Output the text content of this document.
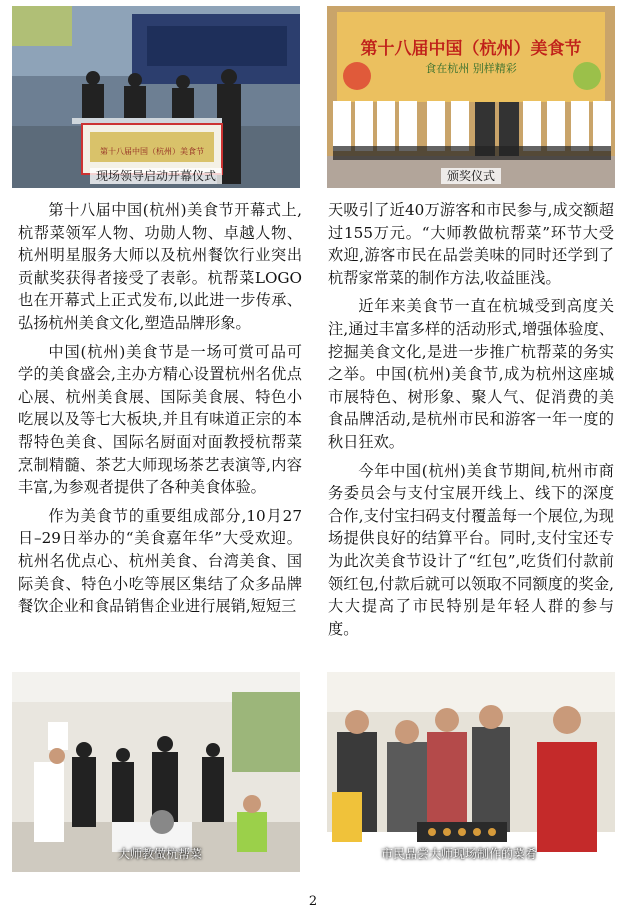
第十八届中国（杭州）美食节
现场领导启动开幕仪式
第十八届中国（杭州）美食节
食在杭州 别样精彩
颁奖仪式

第十八届中国(杭州)美食节开幕式上,杭帮菜领军人物、功勋人物、卓越人物、杭州明星服务大师以及杭州餐饮行业突出贡献奖获得者接受了表彰。杭帮菜LOGO也在开幕式上正式发布,以此进一步传承、弘扬杭州美食文化,塑造品牌形象。

中国(杭州)美食节是一场可赏可品可学的美食盛会,主办方精心设置杭州名优点心展、杭州美食展、国际美食展、特色小吃展以及等七大板块,并且有味道正宗的本帮特色美食、国际名厨面对面教授杭帮菜烹制精髓、茶艺大师现场茶艺表演等,内容丰富,为参观者提供了各种美食体验。

作为美食节的重要组成部分,10月27日–29日举办的“美食嘉年华”大受欢迎。杭州名优点心、杭州美食、台湾美食、国际美食、特色小吃等展区集结了众多品牌餐饮企业和食品销售企业进行展销,短短三

天吸引了近40万游客和市民参与,成交额超过155万元。“大师教做杭帮菜”环节大受欢迎,游客市民在品尝美味的同时还学到了杭帮家常菜的制作方法,收益匪浅。

近年来美食节一直在杭城受到高度关注,通过丰富多样的活动形式,增强体验度、挖掘美食文化,是进一步推广杭帮菜的务实之举。中国(杭州)美食节,成为杭州这座城市展特色、树形象、聚人气、促消费的美食品牌活动,是杭州市民和游客一年一度的秋日狂欢。

今年中国(杭州)美食节期间,杭州市商务委员会与支付宝展开线上、线下的深度合作,支付宝扫码支付覆盖每一个展位,为现场提供良好的结算平台。同时,支付宝还专为此次美食节设计了“红包”,吃货们付款前领红包,付款后就可以领取不同额度的奖金,大大提高了市民特别是年轻人群的参与度。

大师教做杭帮菜	市民品尝大师现场制作的菜肴
2
